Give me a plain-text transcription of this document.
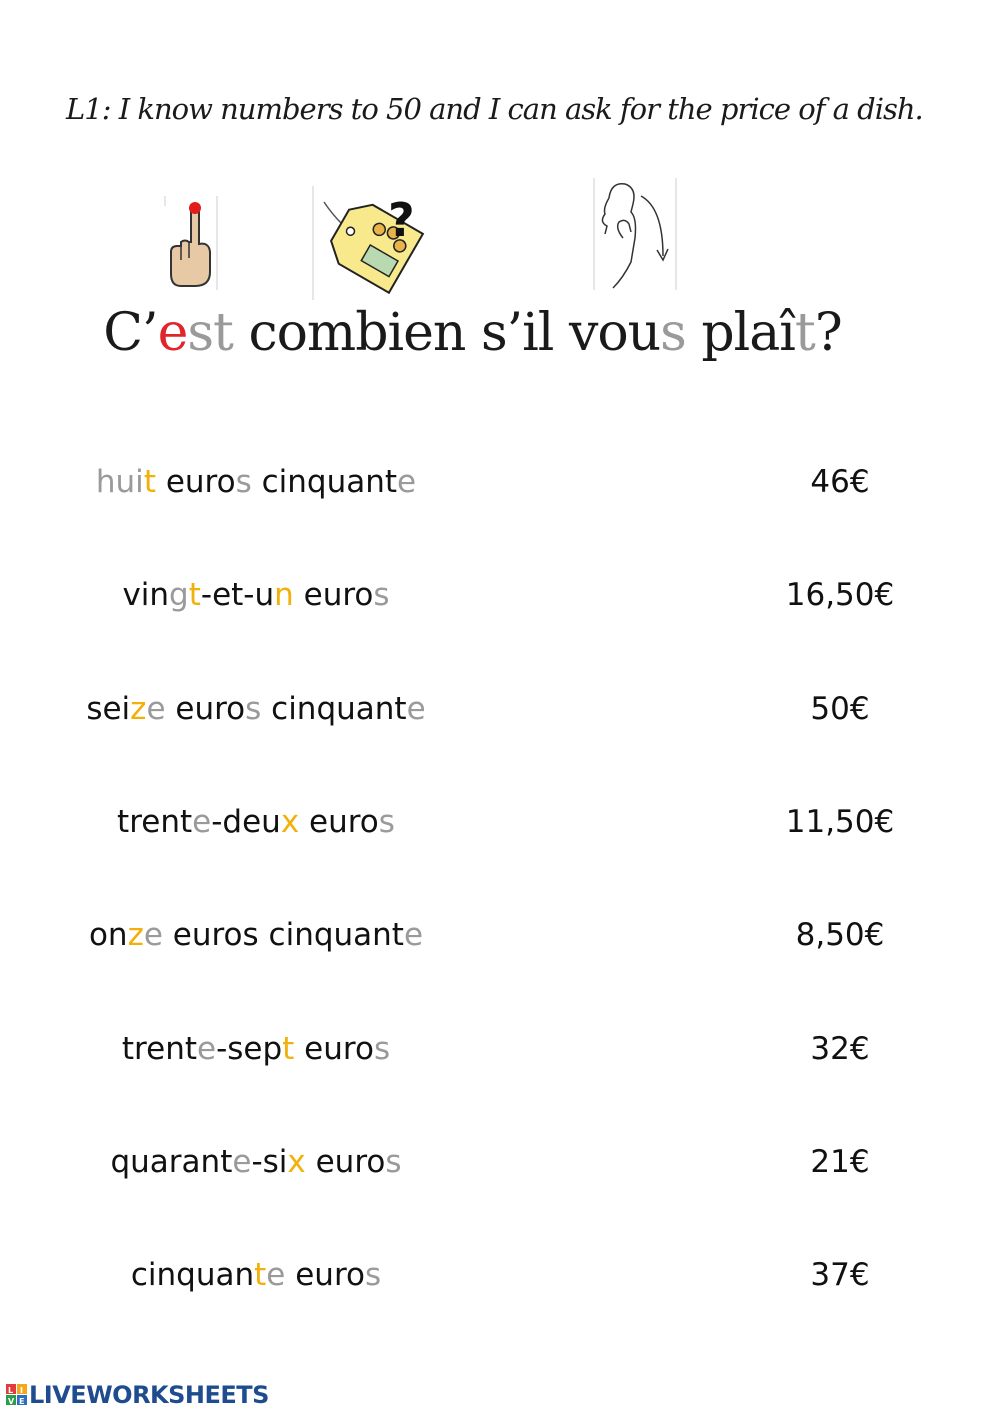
L1: I know numbers to 50 and I can ask for the price of a dish.
?
C’est combien s’il vous plaît?
huit euros cinquante	46€
vingt-et-un euros	16,50€
seize euros cinquante	50€
trente-deux euros	11,50€
onze euros cinquante	8,50€
trente-sept euros	32€
quarante-six euros	21€
cinquante euros	37€
L I
V E LIVEWORKSHEETS
